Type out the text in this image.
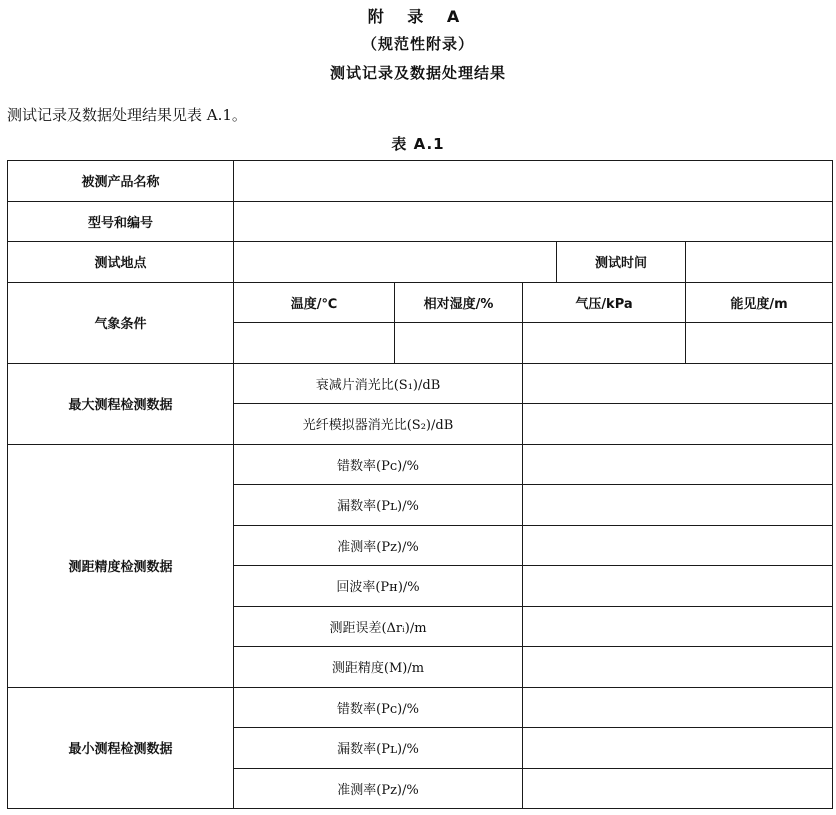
附 录 A
（规范性附录）
测试记录及数据处理结果
测试记录及数据处理结果见表 A.1。
表 A.1
被测产品名称					
型号和编号					
测试地点				测试时间	
气象条件	温度/℃	相对湿度/%	气压/kPa		能见度/m

最大测程检测数据	衰减片消光比(S₁)/dB				
	光纤模拟器消光比(S₂)/dB				
测距精度检测数据	错数率(Pᴄ)/%				
	漏数率(Pʟ)/%				
	准测率(Pᴢ)/%				
	回波率(Pʜ)/%				
	测距误差(Δrᵢ)/m				
	测距精度(M)/m				
最小测程检测数据	错数率(Pᴄ)/%				
	漏数率(Pʟ)/%				
	准测率(Pᴢ)/%				
